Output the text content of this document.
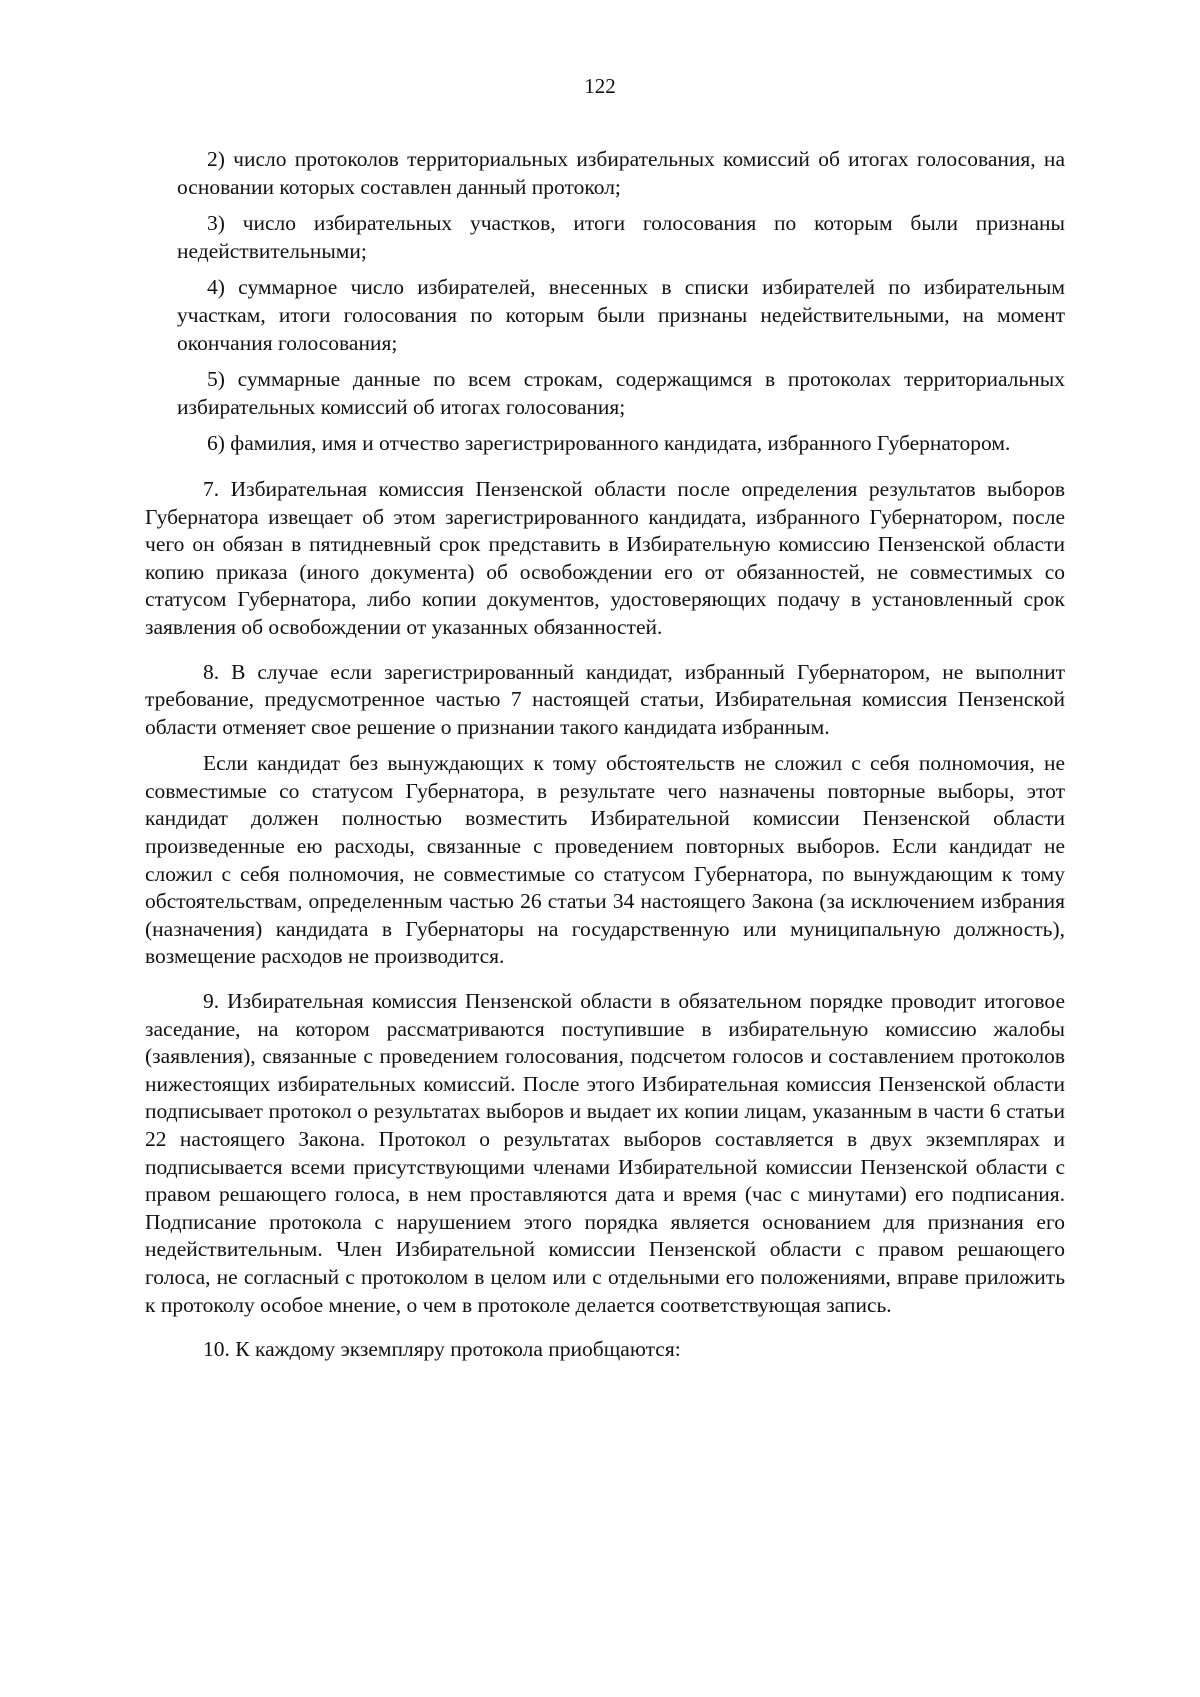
122

2) число протоколов территориальных избирательных комиссий об итогах голосования, на основании которых составлен данный протокол;

3) число избирательных участков, итоги голосования по которым были признаны недействительными;

4) суммарное число избирателей, внесенных в списки избирателей по избирательным участкам, итоги голосования по которым были признаны недействительными, на момент окончания голосования;

5) суммарные данные по всем строкам, содержащимся в протоколах территориальных избирательных комиссий об итогах голосования;

6) фамилия, имя и отчество зарегистрированного кандидата, избранного Губернатором.

7. Избирательная комиссия Пензенской области после определения результатов выборов Губернатора извещает об этом зарегистрированного кандидата, избранного Губернатором, после чего он обязан в пятидневный срок представить в Избирательную комиссию Пензенской области копию приказа (иного документа) об освобождении его от обязанностей, не совместимых со статусом Губернатора, либо копии документов, удостоверяющих подачу в установленный срок заявления об освобождении от указанных обязанностей.

8. В случае если зарегистрированный кандидат, избранный Губернатором, не выполнит требование, предусмотренное частью 7 настоящей статьи, Избирательная комиссия Пензенской области отменяет свое решение о признании такого кандидата избранным.

Если кандидат без вынуждающих к тому обстоятельств не сложил с себя полномочия, не совместимые со статусом Губернатора, в результате чего назначены повторные выборы, этот кандидат должен полностью возместить Избирательной комиссии Пензенской области произведенные ею расходы, связанные с проведением повторных выборов. Если кандидат не сложил с себя полномочия, не совместимые со статусом Губернатора, по вынуждающим к тому обстоятельствам, определенным частью 26 статьи 34 настоящего Закона (за исключением избрания (назначения) кандидата в Губернаторы на государственную или муниципальную должность), возмещение расходов не производится.

9. Избирательная комиссия Пензенской области в обязательном порядке проводит итоговое заседание, на котором рассматриваются поступившие в избирательную комиссию жалобы (заявления), связанные с проведением голосования, подсчетом голосов и составлением протоколов нижестоящих избирательных комиссий. После этого Избирательная комиссия Пензенской области подписывает протокол о результатах выборов и выдает их копии лицам, указанным в части 6 статьи 22 настоящего Закона. Протокол о результатах выборов составляется в двух экземплярах и подписывается всеми присутствующими членами Избирательной комиссии Пензенской области с правом решающего голоса, в нем проставляются дата и время (час с минутами) его подписания. Подписание протокола с нарушением этого порядка является основанием для признания его недействительным. Член Избирательной комиссии Пензенской области с правом решающего голоса, не согласный с протоколом в целом или с отдельными его положениями, вправе приложить к протоколу особое мнение, о чем в протоколе делается соответствующая запись.

10. К каждому экземпляру протокола приобщаются:
